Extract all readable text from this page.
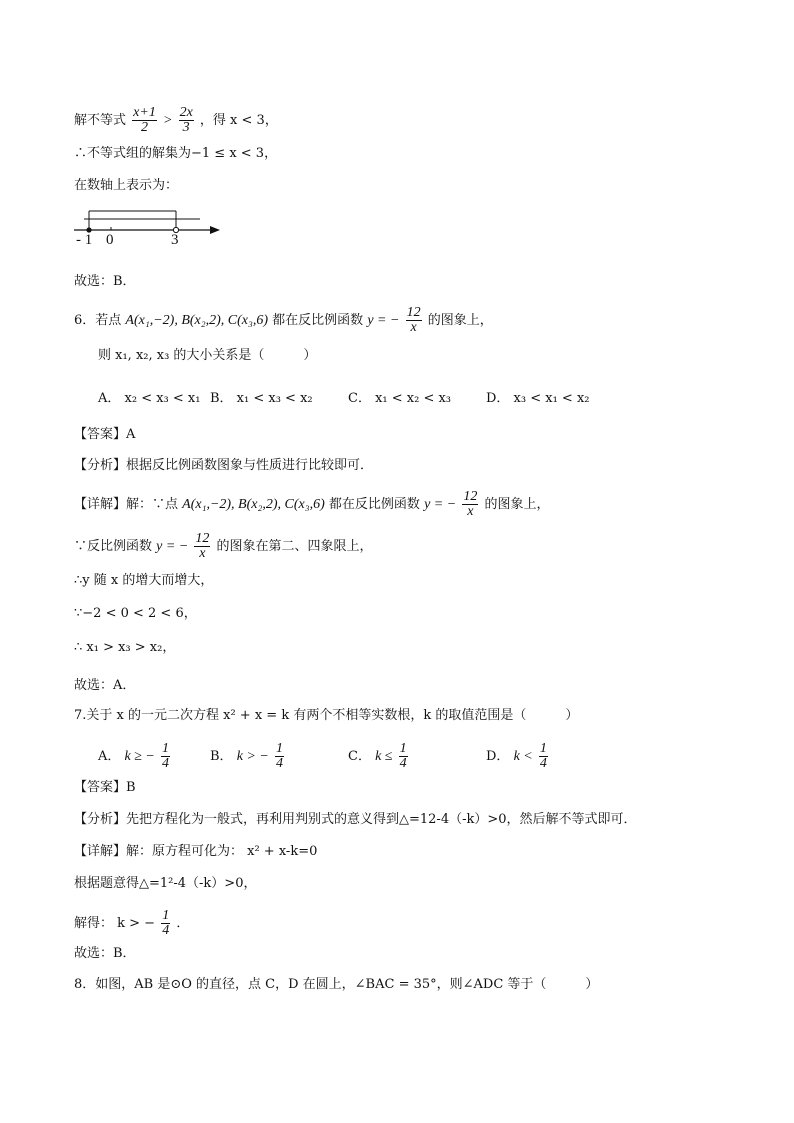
解不等式 $\frac{x+1}{2} > \frac{2x}{3}$ ，得 x < 3，
∴不等式组的解集为−1 ≤ x < 3，
在数轴上表示为：
- 1 0	3
故选：B．
6．若点 A(x₁,−2), B(x₂,2), C(x₃,6) 都在反比例函数 y = − $\frac{12}{x}$ 的图象上，
则 x₁, x₂, x₃ 的大小关系是（　　　）
A． x₂ < x₃ < x₁ B． x₁ < x₃ < x₂	C． x₁ < x₂ < x₃	D． x₃ < x₁ < x₂
【答案】A
【分析】根据反比例函数图象与性质进行比较即可．
【详解】解：∵点 A(x₁,−2), B(x₂,2), C(x₃,6) 都在反比例函数 y = − $\frac{12}{x}$ 的图象上，
∵反比例函数 y = − $\frac{12}{x}$ 的图象在第二、四象限上，
∴y 随 x 的增大而增大，
∵−2 < 0 < 2 < 6，
∴ x₁ > x₃ > x₂，
故选：A．
7.关于 x 的一元二次方程 x² + x = k 有两个不相等实数根，k 的取值范围是（　　　）
A． k ≥ − $\frac{1}{4}$	B． k > − $\frac{1}{4}$	C． $k \le \frac{1}{4}$	D． $k < \frac{1}{4}$
【答案】B
【分析】先把方程化为一般式，再利用判别式的意义得到△=12-4（-k）>0，然后解不等式即可．
【详解】解：原方程可化为： x² + x-k=0
根据题意得△=1²-4（-k）>0，
解得： k > − $\frac{1}{4}$ ．
故选：B．
8．如图，AB 是⊙O 的直径，点 C，D 在圆上，∠BAC = 35°，则∠ADC 等于（　　　）
